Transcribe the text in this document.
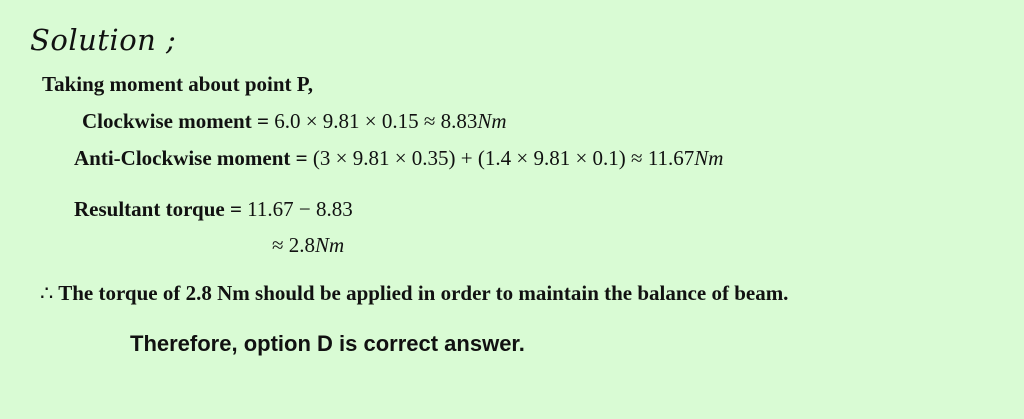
Solution ;
Taking moment about point P,
Clockwise moment = 6.0 × 9.81 × 0.15 ≈ 8.83Nm
Anti-Clockwise moment = (3 × 9.81 × 0.35) + (1.4 × 9.81 × 0.1) ≈ 11.67Nm
Resultant torque = 11.67 − 8.83
≈ 2.8Nm
∴ The torque of 2.8 Nm should be applied in order to maintain the balance of beam.
Therefore, option D is correct answer.
